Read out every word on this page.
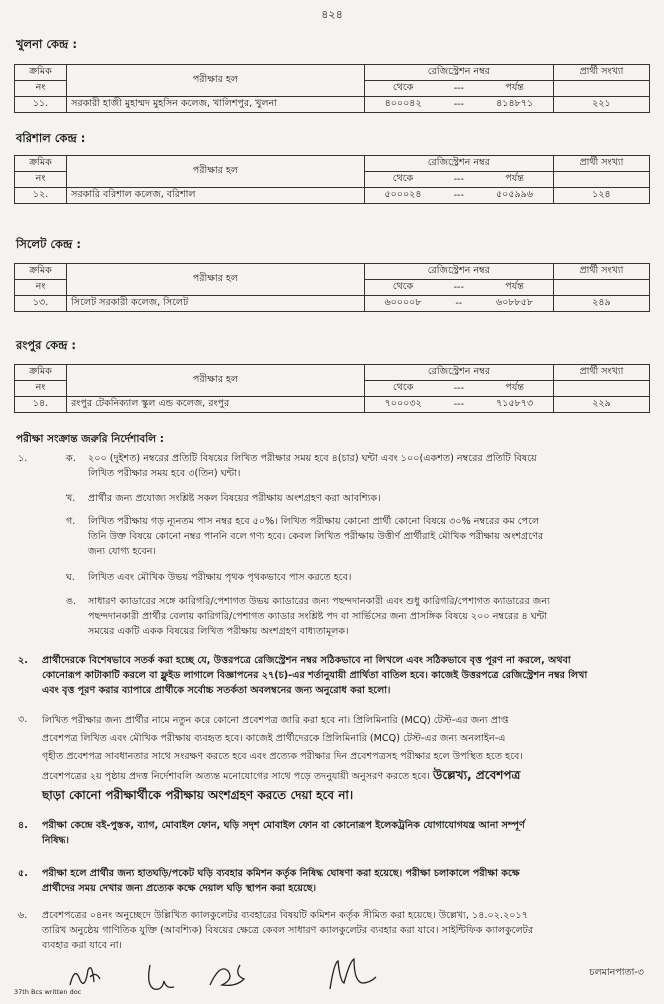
৪২৪
খুলনা কেন্দ্র :
ক্রমিক	পরীক্ষার হল	রেজিস্ট্রেশন নম্বর			প্রার্থী সংখ্যা
নং		থেকে	---	পর্যন্ত	
১১.	সরকারী হাজী মুহাম্মদ মুহসিন কলেজ, খালিশপুর, খুলনা	৪০০০৪২	---	৪১৪৮৭১	২২১
বরিশাল কেন্দ্র :
ক্রমিক	পরীক্ষার হল	রেজিস্ট্রেশন নম্বর			প্রার্থী সংখ্যা
নং		থেকে	---	পর্যন্ত	
১২.	সরকারি বরিশাল কলেজ, বরিশাল	৫০০০২৪	---	৫০৫৯৯৬	১২৪
সিলেট কেন্দ্র :
ক্রমিক	পরীক্ষার হল	রেজিস্ট্রেশন নম্বর			প্রার্থী সংখ্যা
নং		থেকে	---	পর্যন্ত	
১৩.	সিলেট সরকারী কলেজ, সিলেট	৬০০০০৮	--	৬০৮৮৫৮	২৪৯
রংপুর কেন্দ্র :
ক্রমিক	পরীক্ষার হল	রেজিস্ট্রেশন নম্বর			প্রার্থী সংখ্যা
নং		থেকে	---	পর্যন্ত	
১৪.	রংপুর টেকনিক্যাল স্কুল এন্ড কলেজ, রংপুর	৭০০০৩২	---	৭১৫৮৭৩	২২৯
পরীক্ষা সংক্রান্ত জরুরি নির্দেশাবলি :
১.	ক. ২০০ (দুইশত) নম্বরের প্রতিটি বিষয়ের লিখিত পরীক্ষার সময় হবে ৪(চার) ঘন্টা এবং ১০০(একশত) নম্বরের প্রতিটি বিষয়ে
লিখিত পরীক্ষার সময় হবে ৩(তিন) ঘন্টা।
খ. প্রার্থীর জন্য প্রযোজ্য সংশ্লিষ্ট সকল বিষয়ের পরীক্ষায় অংশগ্রহণ করা আবশ্যিক।
গ. লিখিত পরীক্ষায় গড় ন্যূনতম পাস নম্বর হবে ৫০%। লিখিত পরীক্ষায় কোনো প্রার্থী কোনো বিষয়ে ৩০% নম্বরের কম পেলে
তিনি উক্ত বিষয়ে কোনো নম্বর পাননি বলে গণ্য হবে। কেবল লিখিত পরীক্ষায় উত্তীর্ণ প্রার্থীরাই মৌখিক পরীক্ষায় অংশগ্রণের
জন্য যোগ্য হবেন।
ঘ. লিখিত এবং মৌখিক উভয় পরীক্ষায় পৃথক পৃথকভাবে পাস করতে হবে।
ঙ. সাধারণ ক্যাডারের সঙ্গে কারিগরি/পেশাগত উভয় ক্যাডারের জন্য পছন্দদানকারী এবং শুধু কারিগরি/পেশাগত ক্যাডারের জন্য
পছন্দদানকারী প্রার্থীর বেলায় কারিগরি/পেশাগত ক্যাডার সংশ্লিষ্ট পদ বা সার্ভিসের জন্য প্রাসঙ্গিক বিষয়ে ২০০ নম্বরের ৪ ঘন্টা
সময়ের একটি একক বিষয়ের লিখিত পরীক্ষায় অংশগ্রহণ বাধ্যতামূলক।
২. প্রার্থীদেরকে বিশেষভাবে সতর্ক করা হচ্ছে যে, উত্তরপত্রে রেজিস্ট্রেশন নম্বর সঠিকভাবে না লিখলে এবং সঠিকভাবে বৃত্ত পূরণ না করলে, অথবা
কোনোরূপ কাটাকাটি করলে বা ফ্লুইড লাগালে বিজ্ঞাপনের ২৭(চ)-এর শর্তানুযায়ী প্রার্থিতা বাতিল হবে। কাজেই উত্তরপত্রে রেজিস্ট্রেশন নম্বর লিখা
এবং বৃত্ত পূরণ করার ব্যাপারে প্রার্থীকে সর্বোচ্চ সতর্কতা অবলম্বনের জন্য অনুরোধ করা হলো।
৩. লিখিত পরীক্ষার জন্য প্রার্থীর নামে নতুন করে কোনো প্রবেশপত্র জারি করা হবে না। প্রিলিমিনারি (MCQ) টেস্ট-এর জন্য প্রাপ্ত
প্রবেশপত্র লিখিত এবং মৌখিক পরীক্ষায় ব্যবহৃত হবে। কাজেই প্রার্থীদেরকে প্রিলিমিনারি (MCQ) টেস্ট-এর জন্য অনলাইন-এ
গৃহীত প্রবেশপত্র সাবধানতার সাথে সংরক্ষণ করতে হবে এবং প্রত্যেক পরীক্ষার দিন প্রবেশপত্রসহ পরীক্ষার হলে উপস্থিত হতে হবে।
প্রবেশপত্রের ২য় পৃষ্ঠায় প্রদত্ত নির্দেশাবলি অত্যন্ত মনোযোগের সাথে পড়ে তদনুযায়ী অনুসরণ করতে হবে। উল্লেখ্য, প্রবেশপত্র
ছাড়া কোনো পরীক্ষার্থীকে পরীক্ষায় অংশগ্রহণ করতে দেয়া হবে না।
৪. পরীক্ষা কেন্দ্রে বই-পুস্তক, ব্যাগ, মোবাইল ফোন, ঘড়ি সদৃশ মোবাইল ফোন বা কোনোরূপ ইলেকট্রনিক যোগাযোগযন্ত্র আনা সম্পূর্ণ
নিষিদ্ধ।
৫. পরীক্ষা হলে প্রার্থীর জন্য হাতঘড়ি/পকেট ঘড়ি ব্যবহার কমিশন কর্তৃক নিষিদ্ধ ঘোষণা করা হয়েছে। পরীক্ষা চলাকালে পরীক্ষা কক্ষে
প্রার্থীদের সময় দেখার জন্য প্রত্যেক কক্ষে দেয়াল ঘড়ি স্থাপন করা হয়েছে।
৬. প্রবেশপত্রের ০৪নং অনুচ্ছেদে উল্লিখিত ক্যালকুলেটর ব্যবহারের বিষয়টি কমিশন কর্তৃক সীমিত করা হয়েছে। উল্লেখ্য, ১৪.০২.২০১৭
তারিখ অনুষ্ঠেয় গাণিতিক যুক্তি (আবশ্যিক) বিষয়ের ক্ষেত্রে কেবল সাধারণ ক্যালকুলেটর ব্যবহার করা যাবে। সাইন্টিফিক ক্যালকুলেটর
ব্যবহার করা যাবে না।
চলমানপাতা-৩
37th Bcs written doc
